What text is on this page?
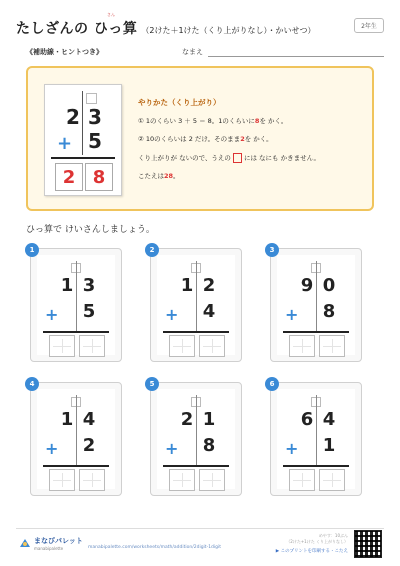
たしざんの ひっ算 （2けた＋1けた（くり上がりなし）・かいせつ）
さん
2年生
《補助線・ヒントつき》	なまえ
2 3
+ 5
2 8
やりかた（くり上がり）
① 1のくらい 3 ＋ 5 ＝ 8。1のくらいに8を かく。
② 10のくらいは 2 だけ。そのまま2を かく。
くり上がりが ないので、うえの には なにも かきません。
こたえは28。
ひっ算で けいさんしましょう。
1
1 3
+ 5
2
1 2
+ 4
3
9 0
+ 8
4
1 4
+ 2
5
2 1
+ 8
6
6 4
+ 1
まなびパレット
manabipalette	manabipalette.com/worksheets/math/addition/2digit-1digit
めやす：10ぶん
（2けた+1けた くり上がりなし）
▶ このプリントを印刷する・こたえ
